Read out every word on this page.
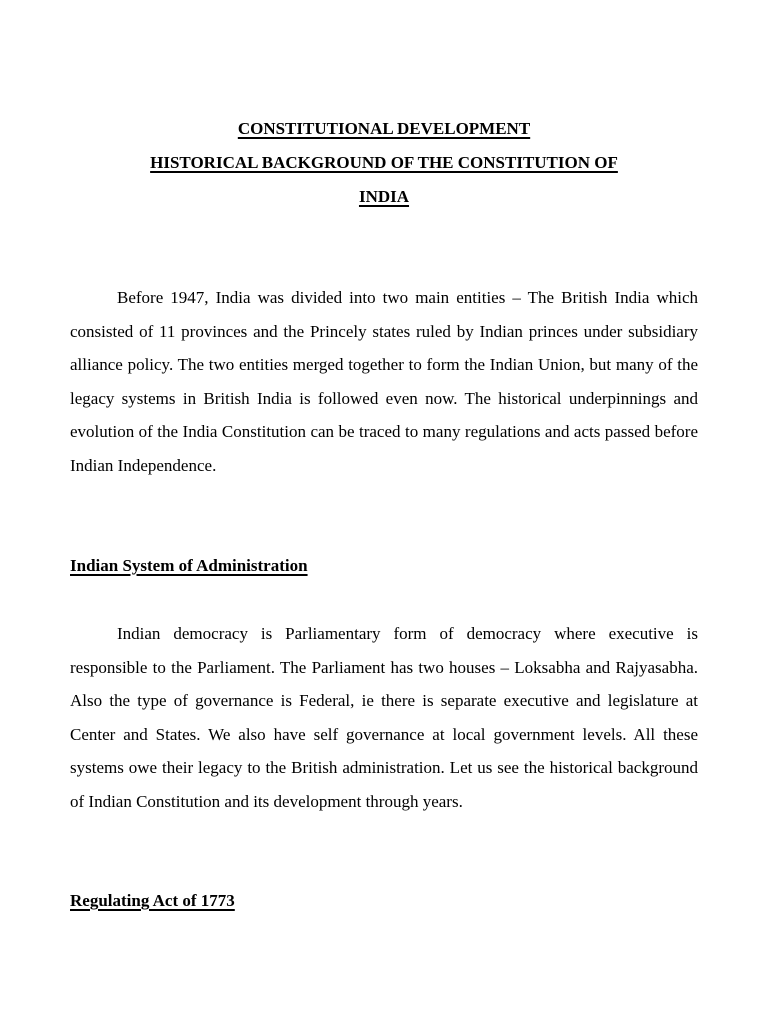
CONSTITUTIONAL DEVELOPMENT
HISTORICAL BACKGROUND OF THE CONSTITUTION OF
INDIA

Before 1947, India was divided into two main entities – The British India which consisted of 11 provinces and the Princely states ruled by Indian princes under subsidiary alliance policy. The two entities merged together to form the Indian Union, but many of the legacy systems in British India is followed even now. The historical underpinnings and evolution of the India Constitution can be traced to many regulations and acts passed before Indian Independence.

Indian System of Administration

Indian democracy is Parliamentary form of democracy where executive is responsible to the Parliament. The Parliament has two houses – Loksabha and Rajyasabha. Also the type of governance is Federal, ie there is separate executive and legislature at Center and States. We also have self governance at local government levels. All these systems owe their legacy to the British administration. Let us see the historical background of Indian Constitution and its development through years.

Regulating Act of 1773
